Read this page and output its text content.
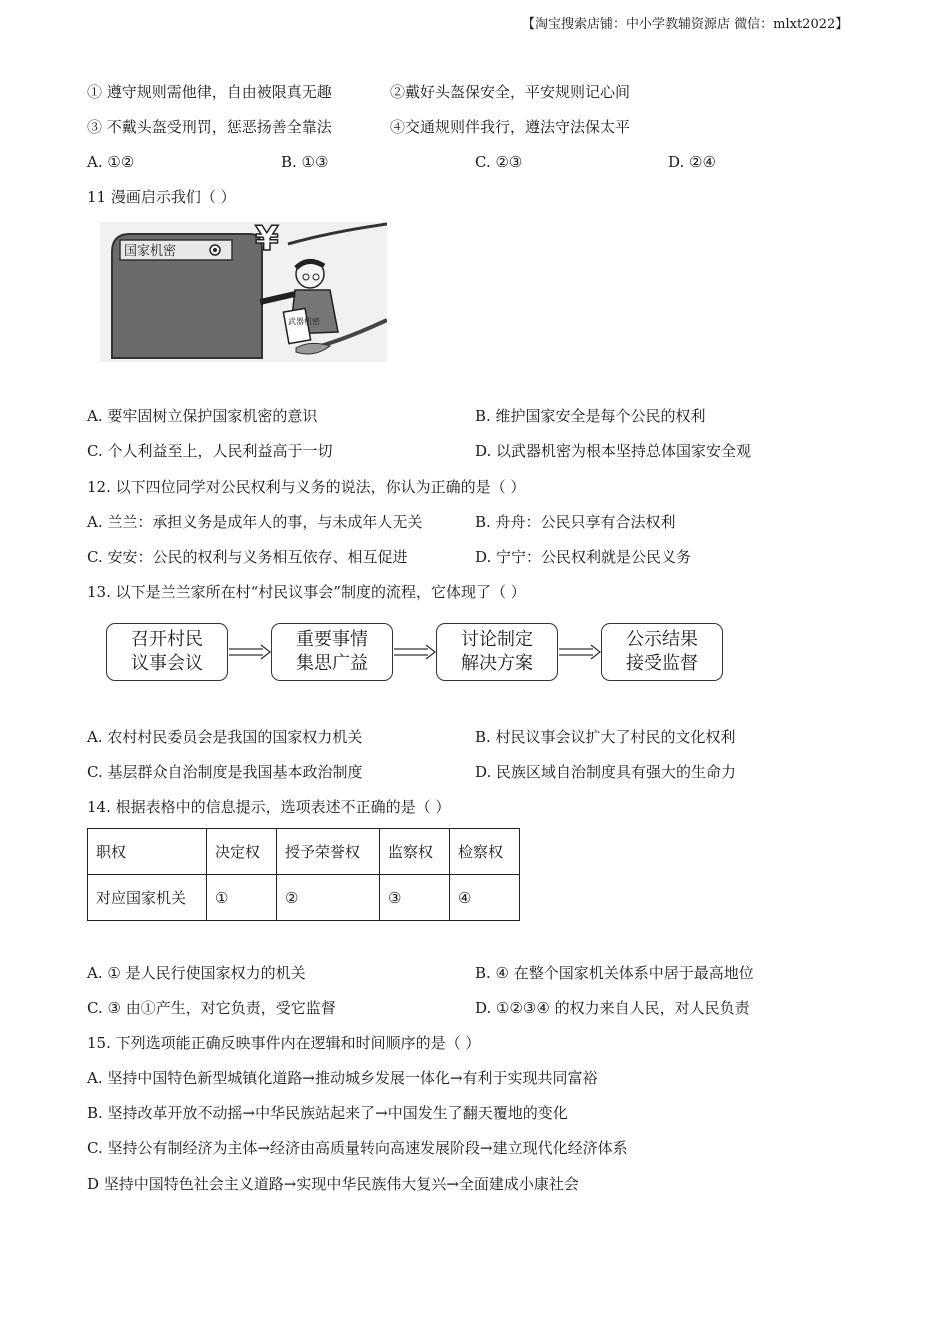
【淘宝搜索店铺：中小学教辅资源店 微信：mlxt2022】
① 遵守规则需他律，自由被限真无趣	②戴好头盔保安全，平安规则记心间
③ 不戴头盔受刑罚，惩恶扬善全靠法	④交通规则伴我行，遵法守法保太平
A. ①②	B. ①③	C. ②③	D. ②④
11 漫画启示我们（ ）
国家机密 ¥
武器机密
A. 要牢固树立保护国家机密的意识	B. 维护国家安全是每个公民的权利
C. 个人利益至上，人民利益高于一切	D. 以武器机密为根本坚持总体国家安全观
12. 以下四位同学对公民权利与义务的说法，你认为正确的是（ ）
A. 兰兰：承担义务是成年人的事，与未成年人无关	B. 舟舟：公民只享有合法权利
C. 安安：公民的权利与义务相互依存、相互促进	D. 宁宁：公民权利就是公民义务
13. 以下是兰兰家所在村“村民议事会”制度的流程，它体现了（ ）
召开村民
议事会议
重要事情
集思广益
讨论制定
解决方案
公示结果
接受监督
A. 农村村民委员会是我国的国家权力机关	B. 村民议事会议扩大了村民的文化权利
C. 基层群众自治制度是我国基本政治制度	D. 民族区域自治制度具有强大的生命力
14. 根据表格中的信息提示，选项表述不正确的是（ ）
职权	决定权	授予荣誉权	监察权	检察权
对应国家机关	①	②	③	④
A. ① 是人民行使国家权力的机关	B. ④ 在整个国家机关体系中居于最高地位
C. ③ 由①产生，对它负责，受它监督	D. ①②③④ 的权力来自人民，对人民负责
15. 下列选项能正确反映事件内在逻辑和时间顺序的是（ ）
A. 坚持中国特色新型城镇化道路→推动城乡发展一体化→有利于实现共同富裕
B. 坚持改革开放不动摇→中华民族站起来了→中国发生了翻天覆地的变化
C. 坚持公有制经济为主体→经济由高质量转向高速发展阶段→建立现代化经济体系
D 坚持中国特色社会主义道路→实现中华民族伟大复兴→全面建成小康社会
